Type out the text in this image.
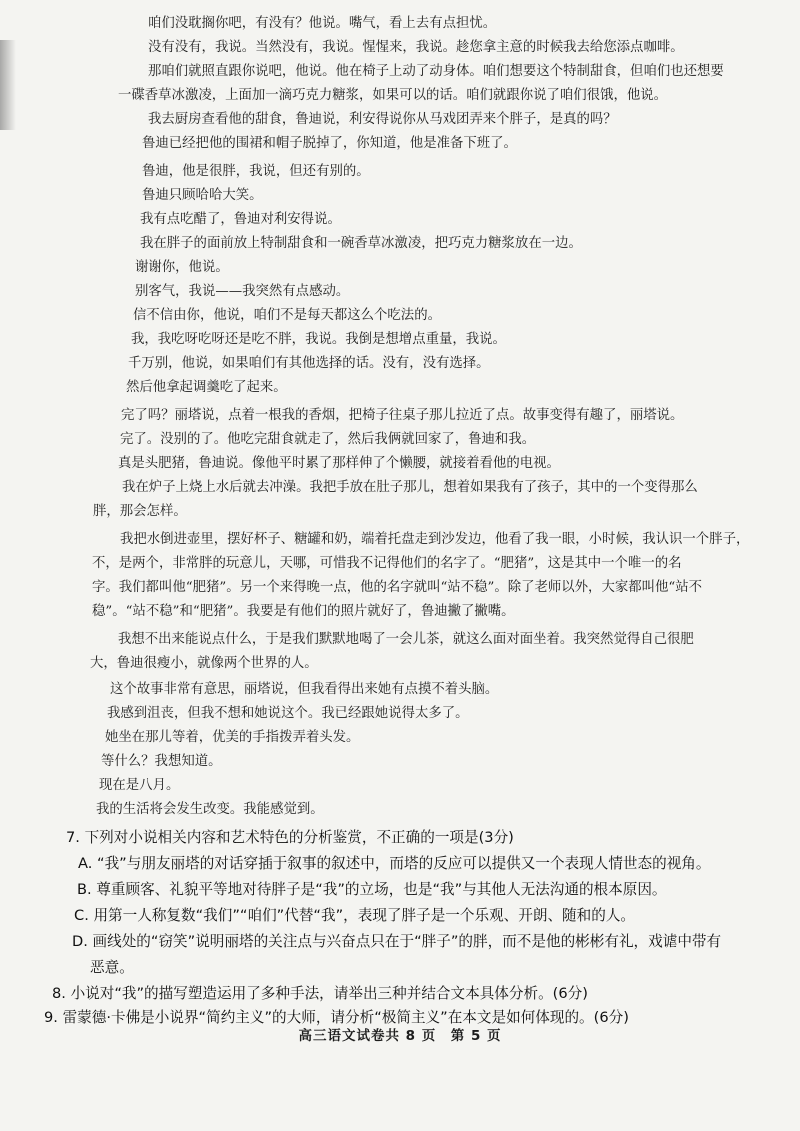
咱们没耽搁你吧，有没有？他说。嘴气，看上去有点担忧。

没有没有，我说。当然没有，我说。惺惺来，我说。趁您拿主意的时候我去给您添点咖啡。

那咱们就照直跟你说吧，他说。他在椅子上动了动身体。咱们想要这个特制甜食，但咱们也还想要

一碟香草冰激凌，上面加一滴巧克力糖浆，如果可以的话。咱们就跟你说了咱们很饿，他说。

我去厨房查看他的甜食，鲁迪说，利安得说你从马戏团弄来个胖子，是真的吗？

鲁迪已经把他的围裙和帽子脱掉了，你知道，他是准备下班了。

鲁迪，他是很胖，我说，但还有别的。

鲁迪只顾哈哈大笑。

我有点吃醋了，鲁迪对利安得说。

我在胖子的面前放上特制甜食和一碗香草冰激凌，把巧克力糖浆放在一边。

谢谢你，他说。

别客气，我说——我突然有点感动。

信不信由你，他说，咱们不是每天都这么个吃法的。

我，我吃呀吃呀还是吃不胖，我说。我倒是想增点重量，我说。

千万别，他说，如果咱们有其他选择的话。没有，没有选择。

然后他拿起调羹吃了起来。

完了吗？丽塔说，点着一根我的香烟，把椅子往桌子那儿拉近了点。故事变得有趣了，丽塔说。

完了。没别的了。他吃完甜食就走了，然后我俩就回家了，鲁迪和我。

真是头肥猪，鲁迪说。像他平时累了那样伸了个懒腰，就接着看他的电视。

我在炉子上烧上水后就去冲澡。我把手放在肚子那儿，想着如果我有了孩子，其中的一个变得那么

胖，那会怎样。

我把水倒进壶里，摆好杯子、糖罐和奶，端着托盘走到沙发边，他看了我一眼，小时候，我认识一个胖子，

不，是两个，非常胖的玩意儿，天哪，可惜我不记得他们的名字了。“肥猪”，这是其中一个唯一的名

字。我们都叫他“肥猪”。另一个来得晚一点，他的名字就叫“站不稳”。除了老师以外，大家都叫他“站不

稳”。“站不稳”和“肥猪”。我要是有他们的照片就好了，鲁迪撇了撇嘴。

我想不出来能说点什么，于是我们默默地喝了一会儿茶，就这么面对面坐着。我突然觉得自己很肥

大，鲁迪很瘦小，就像两个世界的人。

这个故事非常有意思，丽塔说，但我看得出来她有点摸不着头脑。

我感到沮丧，但我不想和她说这个。我已经跟她说得太多了。

她坐在那儿等着，优美的手指拨弄着头发。

等什么？我想知道。

现在是八月。

我的生活将会发生改变。我能感觉到。

7. 下列对小说相关内容和艺术特色的分析鉴赏，不正确的一项是(3分)

A. “我”与朋友丽塔的对话穿插于叙事的叙述中，而塔的反应可以提供又一个表现人情世态的视角。

B. 尊重顾客、礼貌平等地对待胖子是“我”的立场，也是“我”与其他人无法沟通的根本原因。

C. 用第一人称复数“我们”“咱们”代替“我”，表现了胖子是一个乐观、开朗、随和的人。

D. 画线处的“窃笑”说明丽塔的关注点与兴奋点只在于“胖子”的胖，而不是他的彬彬有礼，戏谑中带有

恶意。

8. 小说对“我”的描写塑造运用了多种手法，请举出三种并结合文本具体分析。(6分)

9. 雷蒙德·卡佛是小说界“简约主义”的大师，请分析“极简主义”在本文是如何体现的。(6分)

高三语文试卷共 8 页　第 5 页
